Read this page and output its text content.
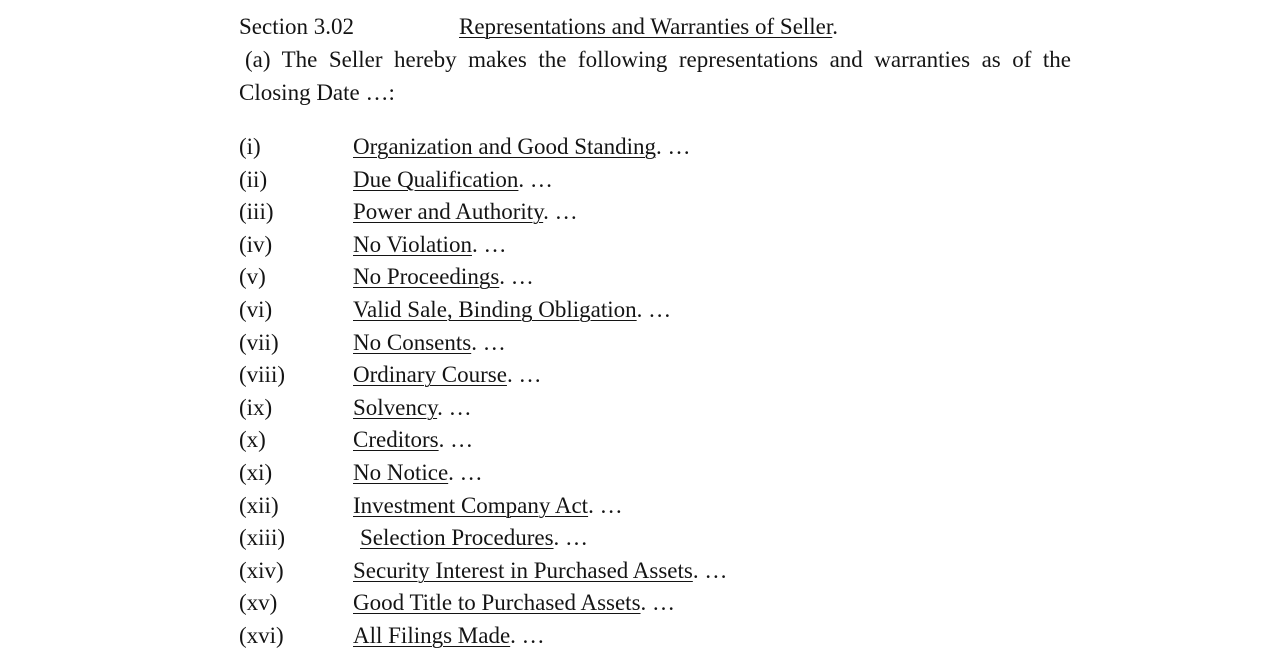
Section 3.02	Representations and Warranties of Seller.

(a) The Seller hereby makes the following representations and warranties as of the
Closing Date …:

(i)	Organization and Good Standing. …
(ii)	Due Qualification. …
(iii)	Power and Authority. …
(iv)	No Violation. …
(v)	No Proceedings. …
(vi)	Valid Sale, Binding Obligation. …
(vii)	No Consents. …
(viii)	Ordinary Course. …
(ix)	Solvency. …
(x)	Creditors. …
(xi)	No Notice. …
(xii)	Investment Company Act. …
(xiii)	Selection Procedures. …
(xiv)	Security Interest in Purchased Assets. …
(xv)	Good Title to Purchased Assets. …
(xvi)	All Filings Made. …
